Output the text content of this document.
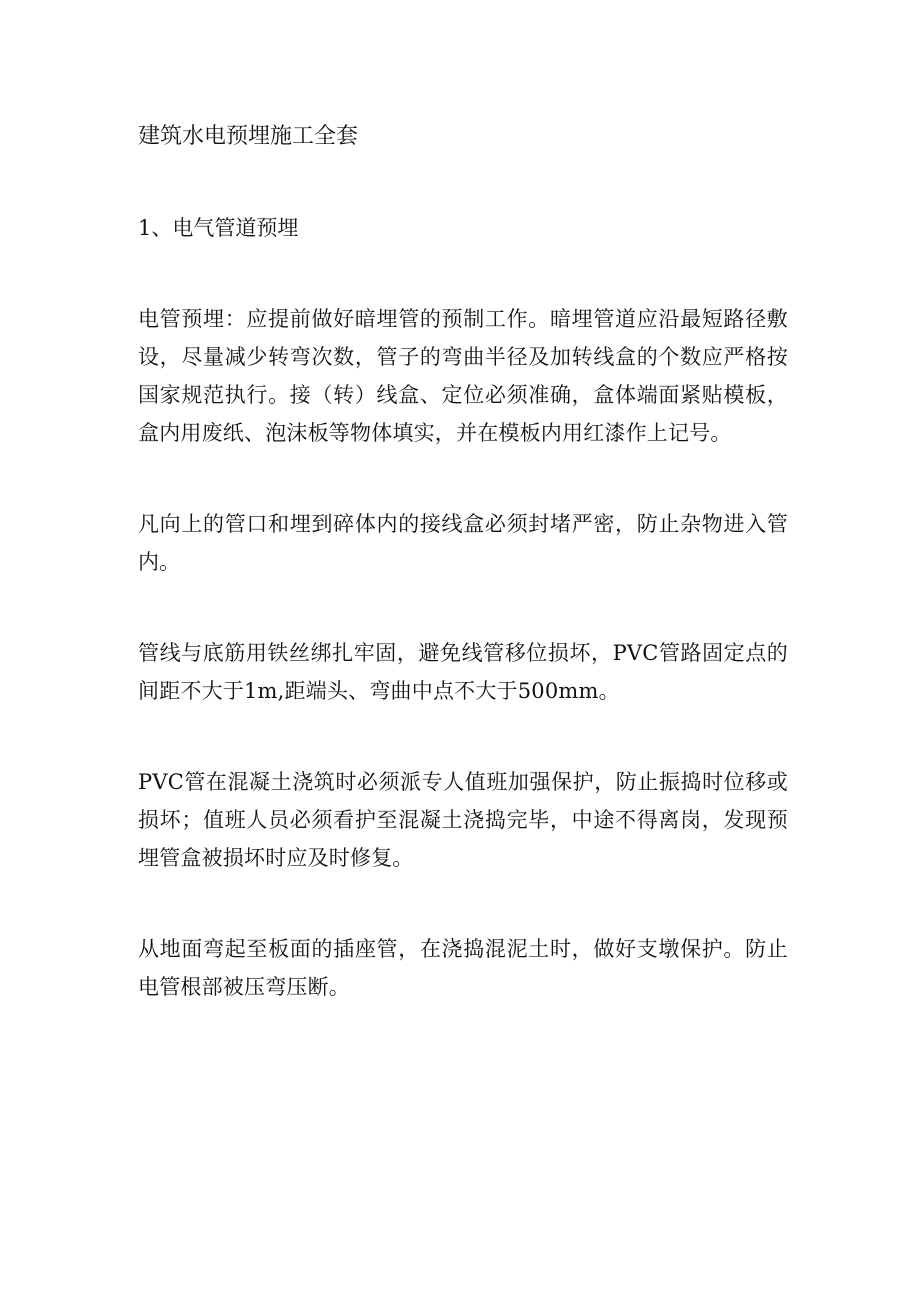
建筑水电预埋施工全套
1、电气管道预埋

电管预埋：应提前做好暗埋管的预制工作。暗埋管道应沿最短路径敷设，尽量减少转弯次数，管子的弯曲半径及加转线盒的个数应严格按国家规范执行。接（转）线盒、定位必须准确，盒体端面紧贴模板，盒内用废纸、泡沫板等物体填实，并在模板内用红漆作上记号。

凡向上的管口和埋到碎体内的接线盒必须封堵严密，防止杂物进入管内。

管线与底筋用铁丝绑扎牢固，避免线管移位损坏，PVC管路固定点的间距不大于1m,距端头、弯曲中点不大于500mm。

PVC管在混凝土浇筑时必须派专人值班加强保护，防止振捣时位移或损坏；值班人员必须看护至混凝土浇捣完毕，中途不得离岗，发现预埋管盒被损坏时应及时修复。

从地面弯起至板面的插座管，在浇捣混泥土时，做好支墩保护。防止电管根部被压弯压断。
